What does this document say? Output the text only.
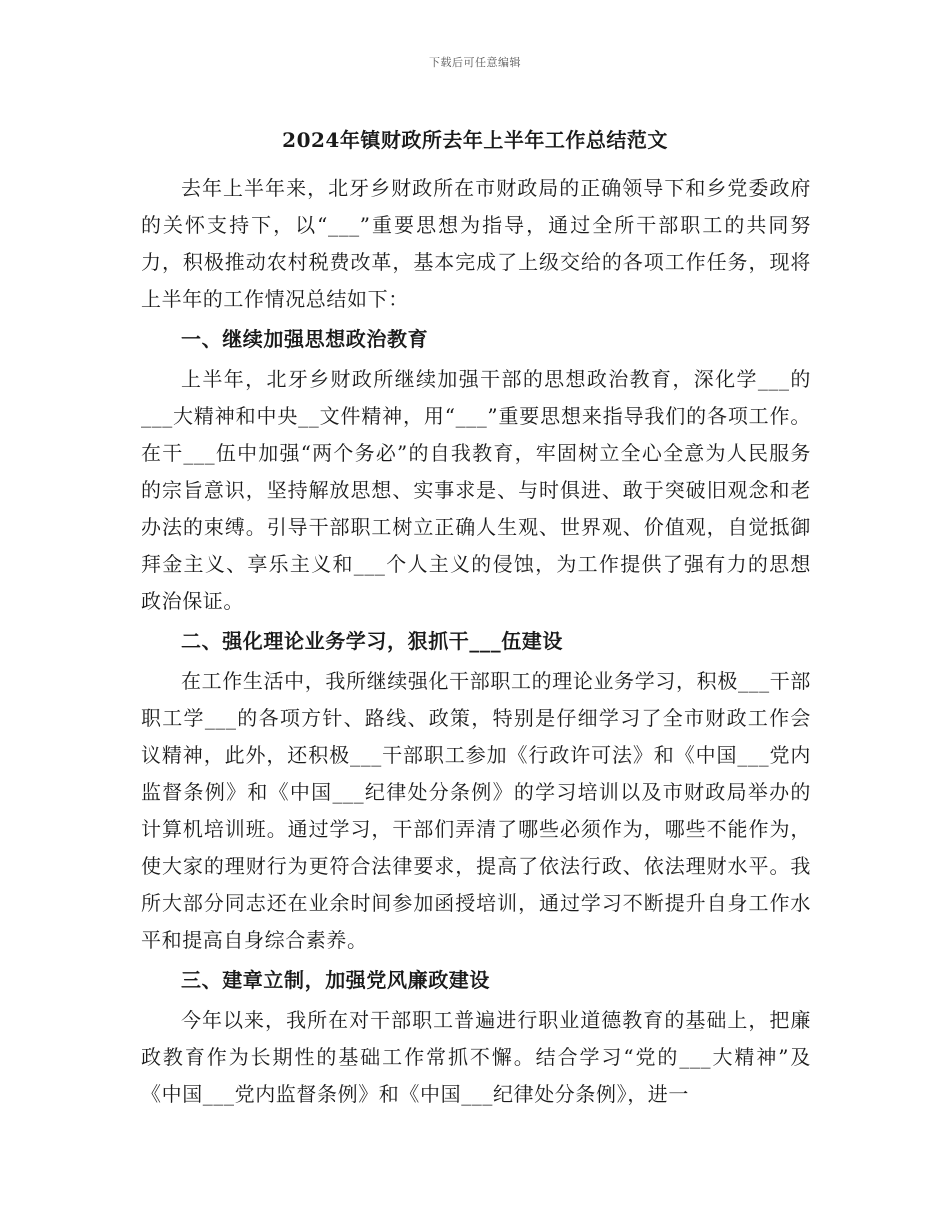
下载后可任意编辑
2024年镇财政所去年上半年工作总结范文

去年上半年来，北牙乡财政所在市财政局的正确领导下和乡党委政府的关怀支持下，以“___”重要思想为指导，通过全所干部职工的共同努力，积极推动农村税费改革，基本完成了上级交给的各项工作任务，现将上半年的工作情况总结如下：

一、继续加强思想政治教育

上半年，北牙乡财政所继续加强干部的思想政治教育，深化学___的___大精神和中央__文件精神，用“___”重要思想来指导我们的各项工作。在干___伍中加强“两个务必”的自我教育，牢固树立全心全意为人民服务的宗旨意识，坚持解放思想、实事求是、与时俱进、敢于突破旧观念和老办法的束缚。引导干部职工树立正确人生观、世界观、价值观，自觉抵御拜金主义、享乐主义和___个人主义的侵蚀，为工作提供了强有力的思想政治保证。

二、强化理论业务学习，狠抓干___伍建设

在工作生活中，我所继续强化干部职工的理论业务学习，积极___干部职工学___的各项方针、路线、政策，特别是仔细学习了全市财政工作会议精神，此外，还积极___干部职工参加《行政许可法》和《中国___党内监督条例》和《中国___纪律处分条例》的学习培训以及市财政局举办的计算机培训班。通过学习，干部们弄清了哪些必须作为，哪些不能作为，使大家的理财行为更符合法律要求，提高了依法行政、依法理财水平。我所大部分同志还在业余时间参加函授培训，通过学习不断提升自身工作水平和提高自身综合素养。

三、建章立制，加强党风廉政建设

今年以来，我所在对干部职工普遍进行职业道德教育的基础上，把廉政教育作为长期性的基础工作常抓不懈。结合学习“党的___大精神”及《中国___党内监督条例》和《中国___纪律处分条例》，进一
